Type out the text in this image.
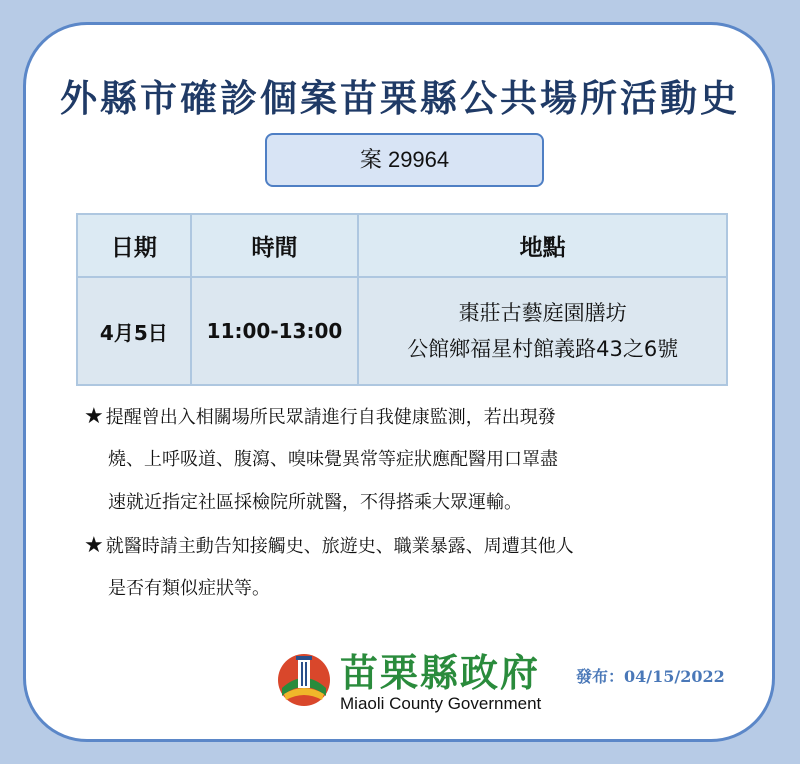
外縣市確診個案苗栗縣公共場所活動史
案 29964
日期	時間	地點
4月5日	11:00-13:00	棗莊古藝庭園膳坊
公館鄉福星村館義路43之6號
★ 提醒曾出入相關場所民眾請進行自我健康監測，若出現發
燒、上呼吸道、腹瀉、嗅味覺異常等症狀應配醫用口罩盡
速就近指定社區採檢院所就醫，不得搭乘大眾運輸。
★ 就醫時請主動告知接觸史、旅遊史、職業暴露、周遭其他人
是否有類似症狀等。
苗栗縣政府
Miaoli County Government
發布：04/15/2022
